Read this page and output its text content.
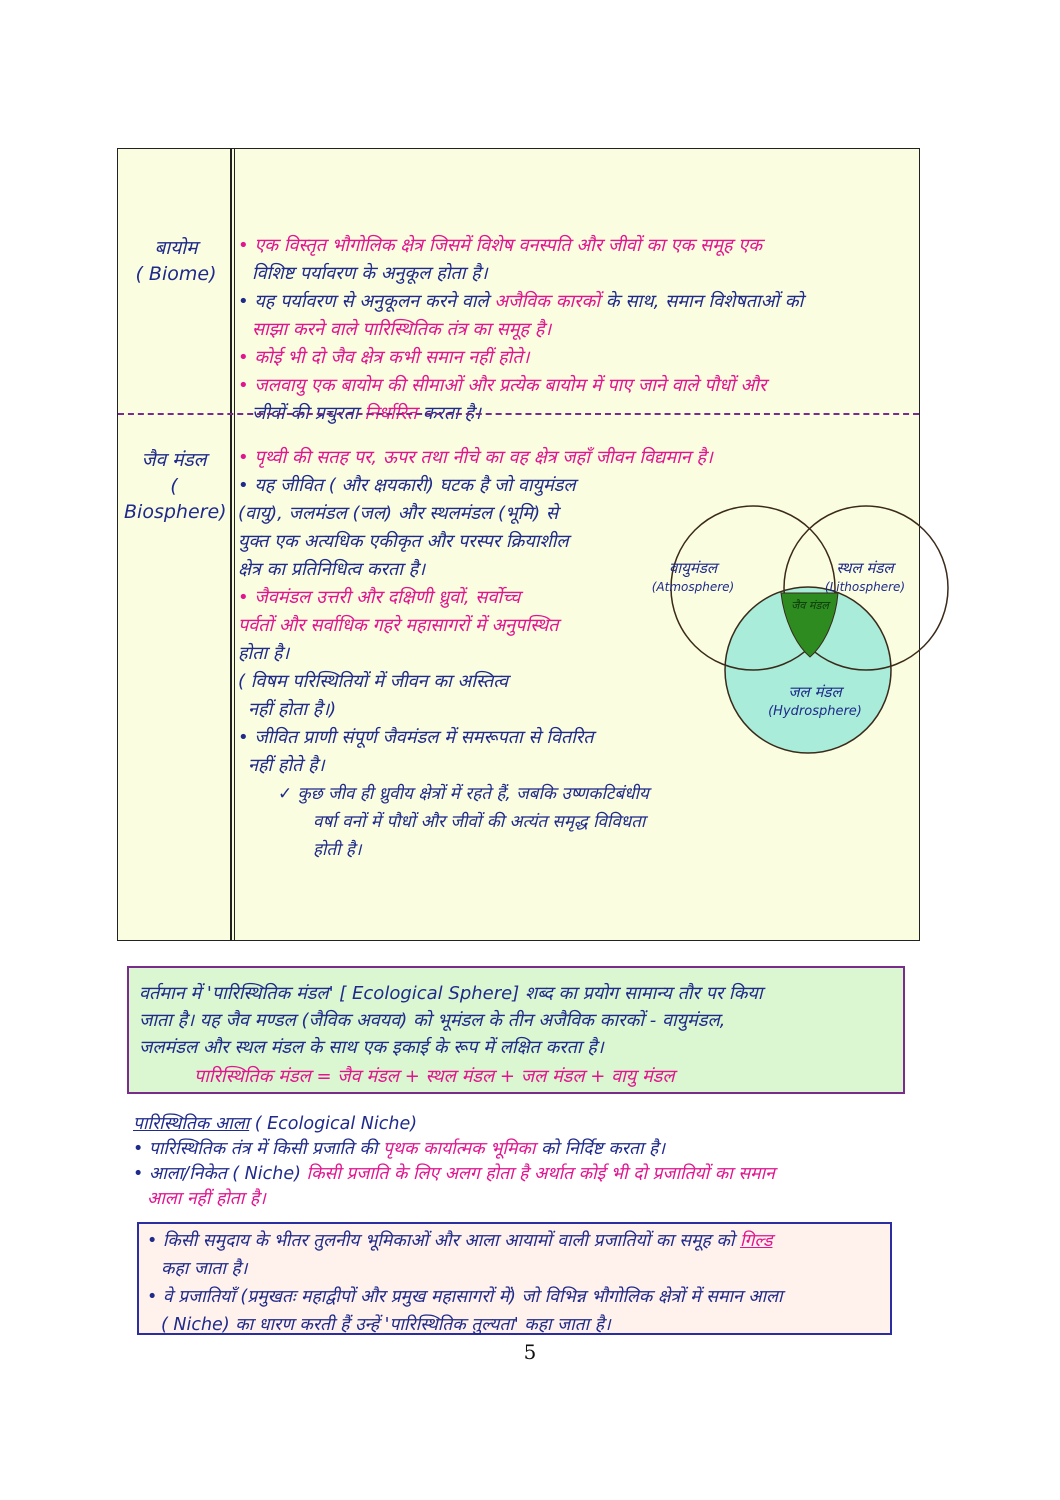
बायोम
( Biome)

• एक विस्तृत भौगोलिक क्षेत्र जिसमें विशेष वनस्पति और जीवों का एक समूह एक

विशिष्ट पर्यावरण के अनुकूल होता है।

• यह पर्यावरण से अनुकूलन करने वाले अजैविक कारकों के साथ, समान विशेषताओं को

साझा करने वाले पारिस्थितिक तंत्र का समूह है।

• कोई भी दो जैव क्षेत्र कभी समान नहीं होते।

• जलवायु एक बायोम की सीमाओं और प्रत्येक बायोम में पाए जाने वाले पौधों और

जीवों की प्रचुरता निर्धारित करता है।

जैव मंडल
( Biosphere)

• पृथ्वी की सतह पर, ऊपर तथा नीचे का वह क्षेत्र जहाँ जीवन विद्यमान है।

• यह जीवित ( और क्षयकारी) घटक है जो वायुमंडल

(वायु), जलमंडल (जल) और स्थलमंडल (भूमि) से

युक्त एक अत्यधिक एकीकृत और परस्पर क्रियाशील

क्षेत्र का प्रतिनिधित्व करता है।

• जैवमंडल उत्तरी और दक्षिणी ध्रुवों, सर्वोच्च

पर्वतों और सर्वाधिक गहरे महासागरों में अनुपस्थित

होता है।

( विषम परिस्थितियों में जीवन का अस्तित्व

नहीं होता है।)

• जीवित प्राणी संपूर्ण जैवमंडल में समरूपता से वितरित

नहीं होते है।

✓ कुछ जीव ही ध्रुवीय क्षेत्रों में रहते हैं, जबकि उष्णकटिबंधीय

वर्षा वनों में पौधों और जीवों की अत्यंत समृद्ध विविधता

होती है।

वायुमंडल
(Atmosphere)
स्थल मंडल
(Lithosphere)
जैव मंडल
जल मंडल
(Hydrosphere)
वर्तमान में 'पारिस्थितिक मंडल' [ Ecological Sphere] शब्द का प्रयोग सामान्य तौर पर किया
जाता है। यह जैव मण्डल (जैविक अवयव) को भूमंडल के तीन अजैविक कारकों - वायुमंडल,
जलमंडल और स्थल मंडल के साथ एक इकाई के रूप में लक्षित करता है।
पारिस्थितिक मंडल = जैव मंडल + स्थल मंडल + जल मंडल + वायु मंडल

पारिस्थितिक आला ( Ecological Niche)

• पारिस्थितिक तंत्र में किसी प्रजाति की पृथक कार्यात्मक भूमिका को निर्दिष्ट करता है।

• आला/निकेत ( Niche) किसी प्रजाति के लिए अलग होता है अर्थात कोई भी दो प्रजातियों का समान

आला नहीं होता है।

• किसी समुदाय के भीतर तुलनीय भूमिकाओं और आला आयामों वाली प्रजातियों का समूह को गिल्ड

कहा जाता है।

• वे प्रजातियाँ (प्रमुखतः महाद्वीपों और प्रमुख महासागरों में) जो विभिन्न भौगोलिक क्षेत्रों में समान आला

( Niche) का धारण करती हैं उन्हें 'पारिस्थितिक तुल्यता' कहा जाता है।

5
